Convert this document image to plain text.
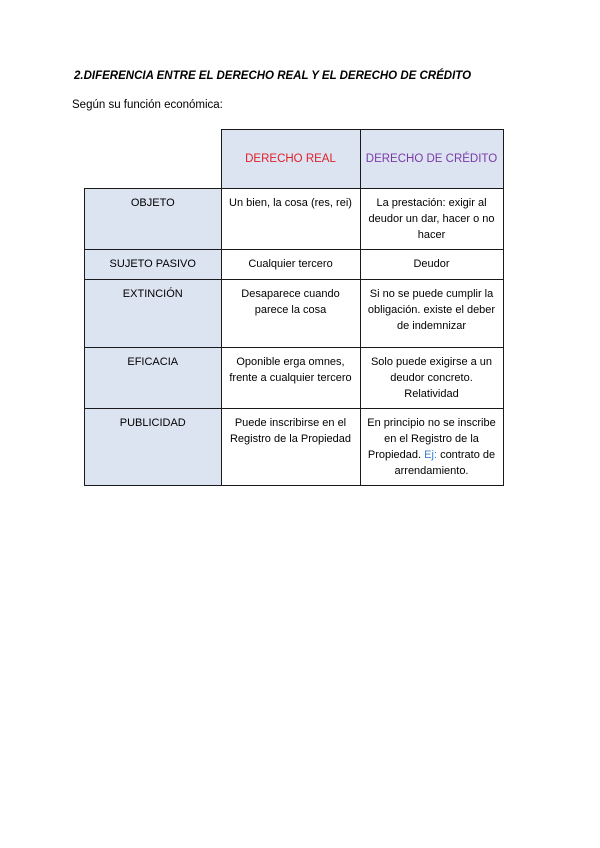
2.DIFERENCIA ENTRE EL DERECHO REAL Y EL DERECHO DE CRÉDITO
Según su función económica:
	DERECHO REAL	DERECHO DE CRÉDITO
OBJETO	Un bien, la cosa (res, rei)	La prestación: exigir al deudor un dar, hacer o no hacer
SUJETO PASIVO	Cualquier tercero	Deudor
EXTINCIÓN	Desaparece cuando parece la cosa	Si no se puede cumplir la obligación. existe el deber de indemnizar
EFICACIA	Oponible erga omnes, frente a cualquier tercero	Solo puede exigirse a un deudor concreto. Relatividad
PUBLICIDAD	Puede inscribirse en el Registro de la Propiedad	En principio no se inscribe en el Registro de la Propiedad. Ej: contrato de arrendamiento.
